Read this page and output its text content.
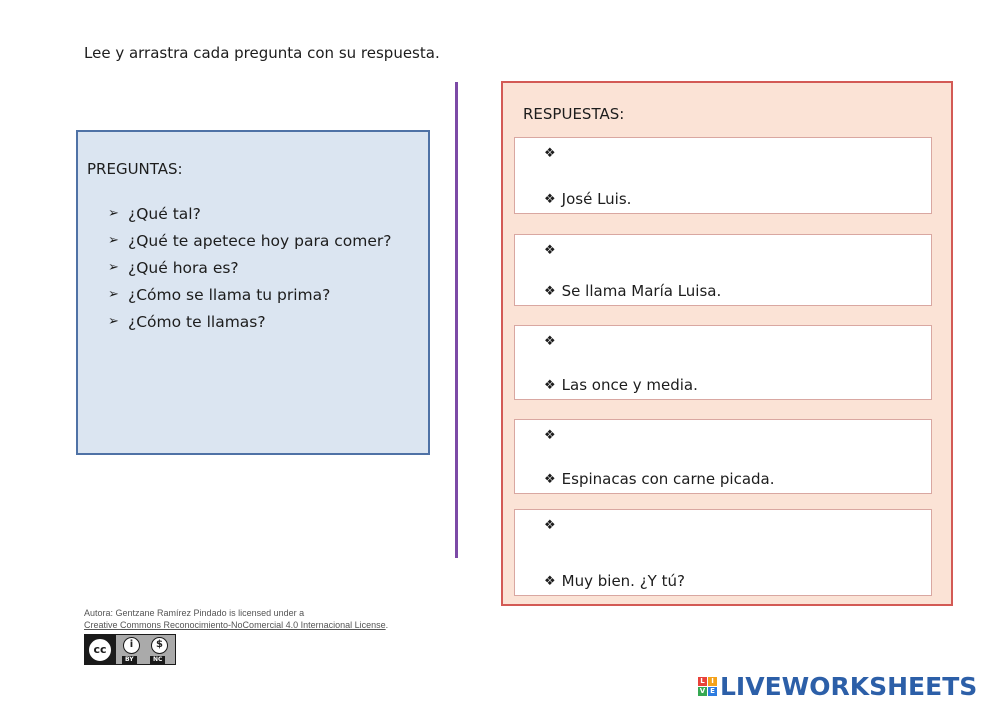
Lee y arrastra cada pregunta con su respuesta.
PREGUNTAS:
➢ ¿Qué tal?
➢ ¿Qué te apetece hoy para comer?
➢ ¿Qué hora es?
➢ ¿Cómo se llama tu prima?
➢ ¿Cómo te llamas?
RESPUESTAS:
❖
❖ José Luis.
❖
❖ Se llama María Luisa.
❖
❖ Las once y media.
❖
❖ Espinacas con carne picada.
❖
❖ Muy bien. ¿Y tú?
Autora: Gentzane Ramírez Pindado is licensed under a
Creative Commons Reconocimiento-NoComercial 4.0 Internacional License.
cc	i	$
BY	NC
L I
V E LIVEWORKSHEETS
